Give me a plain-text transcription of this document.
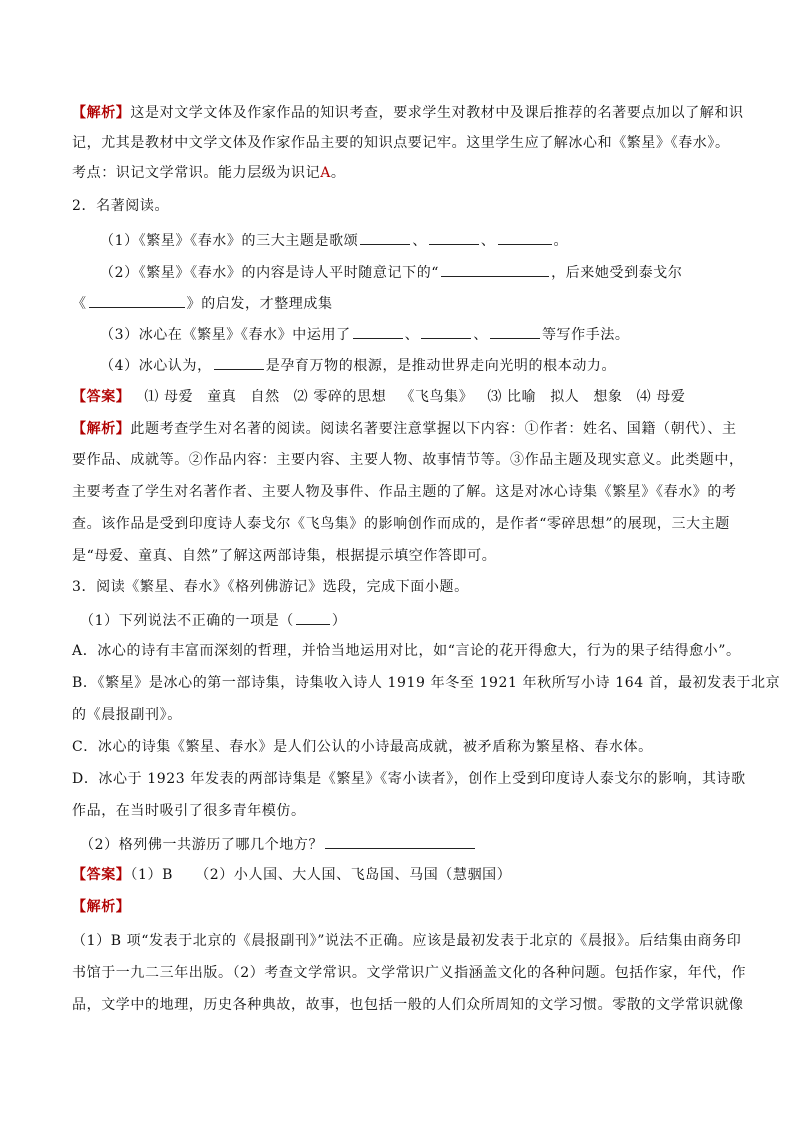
【解析】这是对文学文体及作家作品的知识考查，要求学生对教材中及课后推荐的名著要点加以了解和识
记，尤其是教材中文学文体及作家作品主要的知识点要记牢。这里学生应了解冰心和《繁星》《春水》。
考点：识记文学常识。能力层级为识记A。
2．名著阅读。
（1）《繁星》《春水》的三大主题是歌颂	、	、	。
（2）《繁星》《春水》的内容是诗人平时随意记下的“	，后来她受到泰戈尔
《	》的启发，才整理成集
（3）冰心在《繁星》《春水》中运用了	、	、	等写作手法。
（4）冰心认为，	是孕育万物的根源，是推动世界走向光明的根本动力。
【答案】 ⑴ 母爱 童真 自然 ⑵ 零碎的思想 《飞鸟集》 ⑶ 比喻 拟人 想象 ⑷ 母爱
【解析】此题考查学生对名著的阅读。阅读名著要注意掌握以下内容：①作者：姓名、国籍（朝代）、主
要作品、成就等。②作品内容：主要内容、主要人物、故事情节等。③作品主题及现实意义。此类题中，
主要考查了学生对名著作者、主要人物及事件、作品主题的了解。这是对冰心诗集《繁星》《春水》的考
查。该作品是受到印度诗人泰戈尔《飞鸟集》的影响创作而成的，是作者“零碎思想”的展现，三大主题
是“母爱、童真、自然”了解这两部诗集，根据提示填空作答即可。
3．阅读《繁星、春水》《格列佛游记》选段，完成下面小题。
（1）下列说法不正确的一项是（	）
A．冰心的诗有丰富而深刻的哲理，并恰当地运用对比，如“言论的花开得愈大，行为的果子结得愈小”。
B．《繁星》是冰心的第一部诗集，诗集收入诗人 1919 年冬至 1921 年秋所写小诗 164 首，最初发表于北京
的《晨报副刊》。
C．冰心的诗集《繁星、春水》是人们公认的小诗最高成就，被矛盾称为繁星格、春水体。
D．冰心于 1923 年发表的两部诗集是《繁星》《寄小读者》，创作上受到印度诗人泰戈尔的影响，其诗歌
作品，在当时吸引了很多青年模仿。
（2）格列佛一共游历了哪几个地方？
【答案】（1）B　　（2）小人国、大人国、飞岛国、马国（慧骃国）
【解析】
（1）B 项“发表于北京的《晨报副刊》”说法不正确。应该是最初发表于北京的《晨报》。后结集由商务印
书馆于一九二三年出版。（2）考查文学常识。文学常识广义指涵盖文化的各种问题。包括作家，年代，作
品，文学中的地理，历史各种典故，故事，也包括一般的人们众所周知的文学习惯。零散的文学常识就像
